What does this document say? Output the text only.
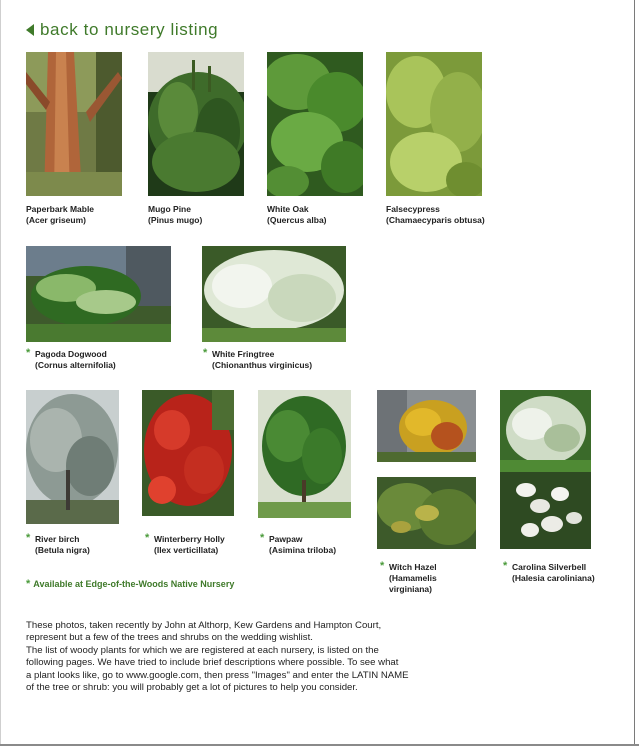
back to nursery listing
Paperbark Mable
(Acer griseum)
Mugo Pine
(Pinus mugo)
White Oak
(Quercus alba)
Falsecypress
(Chamaecyparis obtusa)
* Pagoda Dogwood
(Cornus alternifolia)
* White Fringtree
(Chionanthus virginicus)
* River birch
(Betula nigra)
* Winterberry Holly
(Ilex verticillata)
* Pawpaw
(Asimina triloba)
* Witch Hazel
(Hamamelis
virginiana)
* Carolina Silverbell
(Halesia caroliniana)
* Available at Edge-of-the-Woods Native Nursery
These photos, taken recently by John at Althorp, Kew Gardens and Hampton Court,
represent but a few of the trees and shrubs on the wedding wishlist.
The list of woody plants for which we are registered at each nursery, is listed on the
following pages. We have tried to include brief descriptions where possible. To see what
a plant looks like, go to www.google.com, then press "Images" and enter the LATIN NAME
of the tree or shrub: you will probably get a lot of pictures to help you consider.
